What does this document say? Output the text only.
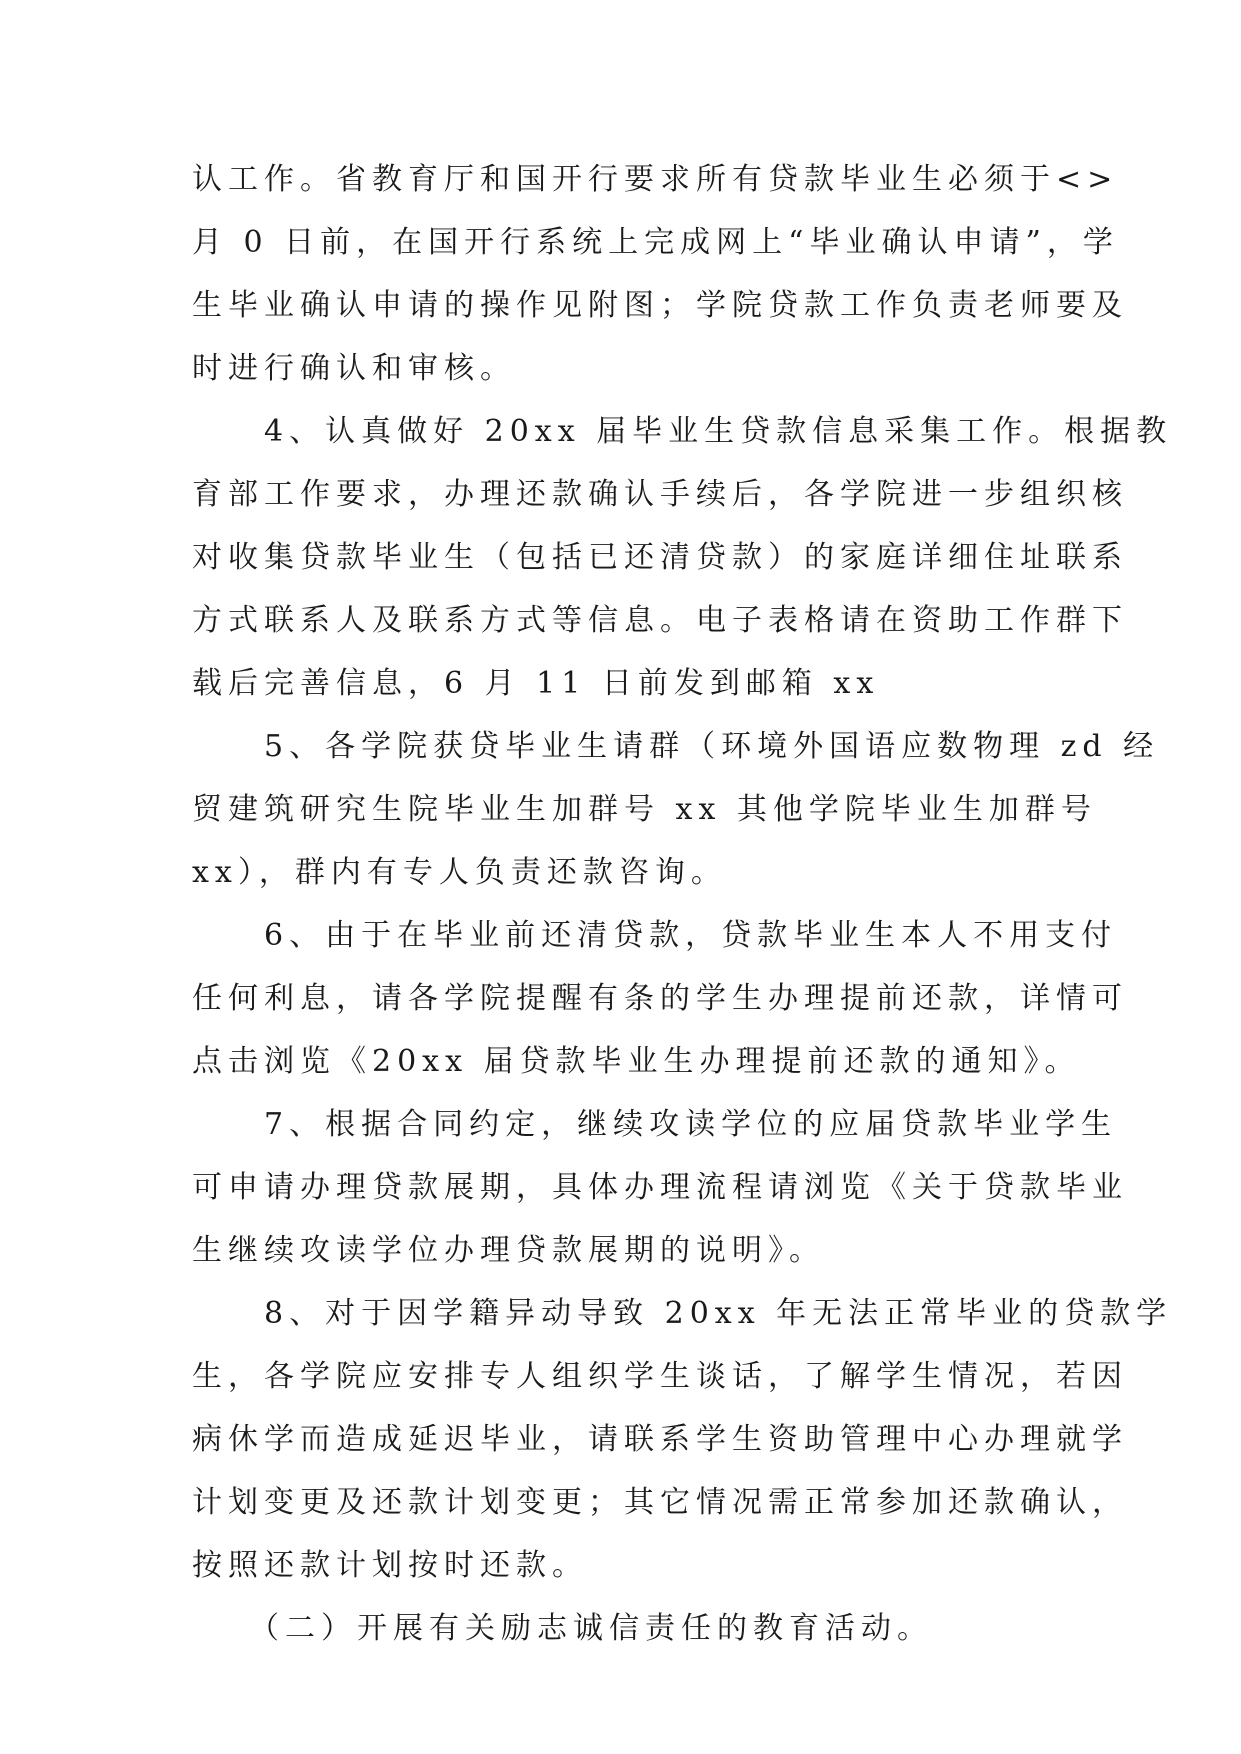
认工作。省教育厅和国开行要求所有贷款毕业生必须于<>
月 0 日前，在国开行系统上完成网上“毕业确认申请”，学
生毕业确认申请的操作见附图；学院贷款工作负责老师要及
时进行确认和审核。
　　4、认真做好 20xx 届毕业生贷款信息采集工作。根据教
育部工作要求，办理还款确认手续后，各学院进一步组织核
对收集贷款毕业生（包括已还清贷款）的家庭详细住址联系
方式联系人及联系方式等信息。电子表格请在资助工作群下
载后完善信息，6 月 11 日前发到邮箱 xx
　　5、各学院获贷毕业生请群（环境外国语应数物理 zd 经
贸建筑研究生院毕业生加群号 xx 其他学院毕业生加群号
xx），群内有专人负责还款咨询。
　　6、由于在毕业前还清贷款，贷款毕业生本人不用支付
任何利息，请各学院提醒有条的学生办理提前还款，详情可
点击浏览《20xx 届贷款毕业生办理提前还款的通知》。
　　7、根据合同约定，继续攻读学位的应届贷款毕业学生
可申请办理贷款展期，具体办理流程请浏览《关于贷款毕业
生继续攻读学位办理贷款展期的说明》。
　　8、对于因学籍异动导致 20xx 年无法正常毕业的贷款学
生，各学院应安排专人组织学生谈话，了解学生情况，若因
病休学而造成延迟毕业，请联系学生资助管理中心办理就学
计划变更及还款计划变更；其它情况需正常参加还款确认，
按照还款计划按时还款。
　　（二）开展有关励志诚信责任的教育活动。
